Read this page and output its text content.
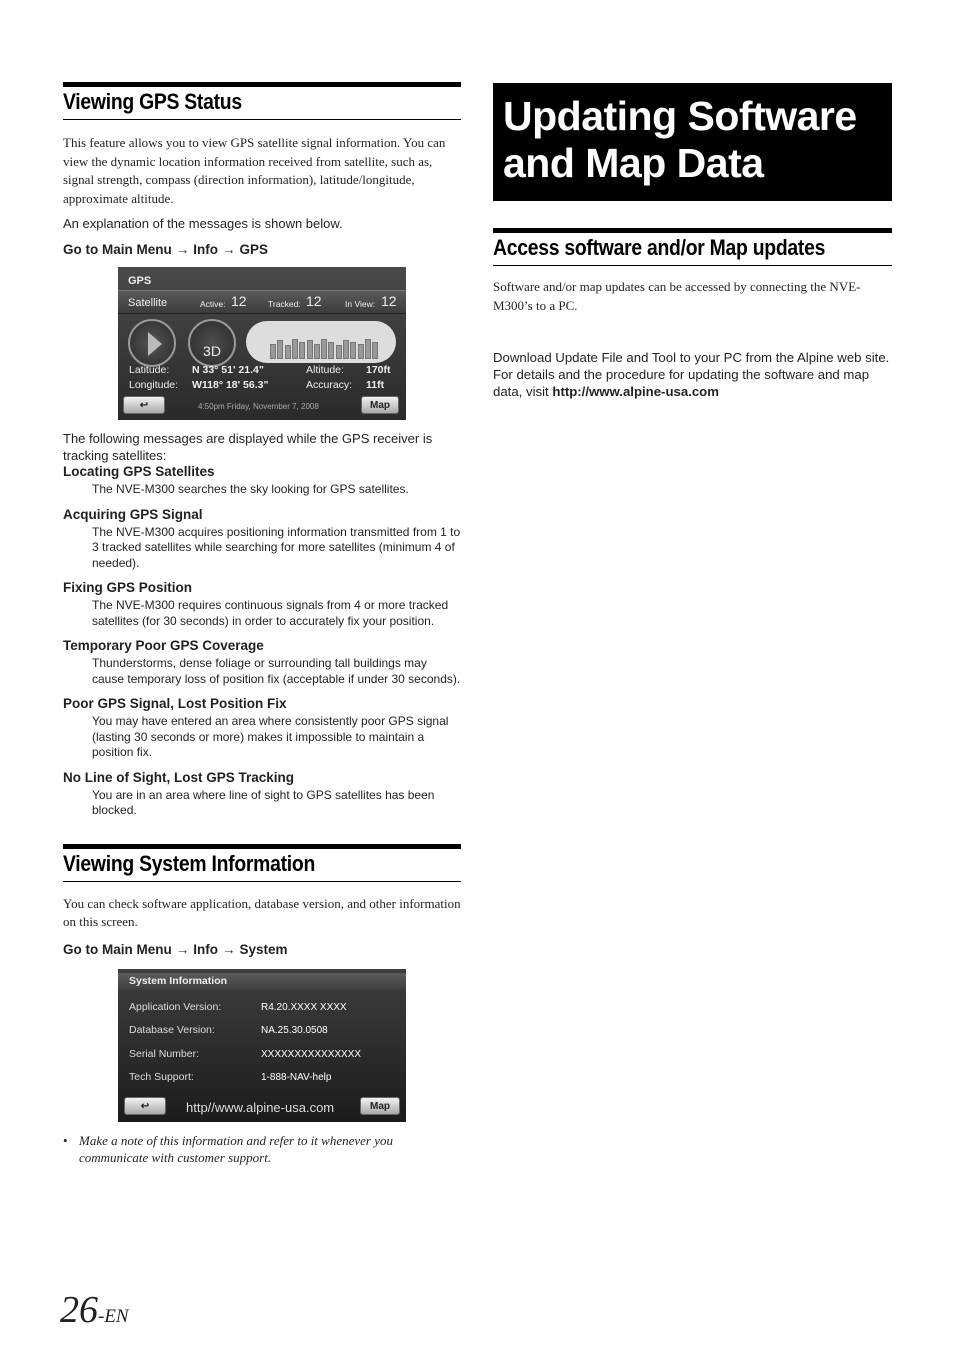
Viewing GPS Status

This feature allows you to view GPS satellite signal information. You can view the dynamic location information received from satellite, such as, signal strength, compass (direction information), latitude/longitude, approximate altitude.

An explanation of the messages is shown below.

Go to Main Menu → Info → GPS
GPS
Satellite	Active: 12	Tracked: 12	In View: 12
3D
Latitude: N 33° 51' 21.4"	Altitude: 170ft
Longitude: W118° 18' 56.3"	Accuracy: 11ft
↩	4:50pm Friday, November 7, 2008	Map

The following messages are displayed while the GPS receiver is tracking satellites:

Locating GPS Satellites
The NVE-M300 searches the sky looking for GPS satellites.
Acquiring GPS Signal
The NVE-M300 acquires positioning information transmitted from 1 to 3 tracked satellites while searching for more satellites (minimum 4 of needed).
Fixing GPS Position
The NVE-M300 requires continuous signals from 4 or more tracked satellites (for 30 seconds) in order to accurately fix your position.
Temporary Poor GPS Coverage
Thunderstorms, dense foliage or surrounding tall buildings may cause temporary loss of position fix (acceptable if under 30 seconds).
Poor GPS Signal, Lost Position Fix
You may have entered an area where consistently poor GPS signal (lasting 30 seconds or more) makes it impossible to maintain a position fix.
No Line of Sight, Lost GPS Tracking
You are in an area where line of sight to GPS satellites has been blocked.
Viewing System Information

You can check software application, database version, and other information on this screen.

Go to Main Menu → Info → System
System Information
Application Version:	R4.20.XXXX XXXX
Database Version:	NA.25.30.0508
Serial Number:	XXXXXXXXXXXXXXX
Tech Support:	1-888-NAV-help
↩	http//www.alpine-usa.com	Map
• Make a note of this information and refer to it whenever you communicate with customer support.
Updating Software
and Map Data
Access software and/or Map updates

Software and/or map updates can be accessed by connecting the NVE-M300’s to a PC.

Download Update File and Tool to your PC from the Alpine web site. For details and the procedure for updating the software and map data, visit http://www.alpine-usa.com

26-EN
